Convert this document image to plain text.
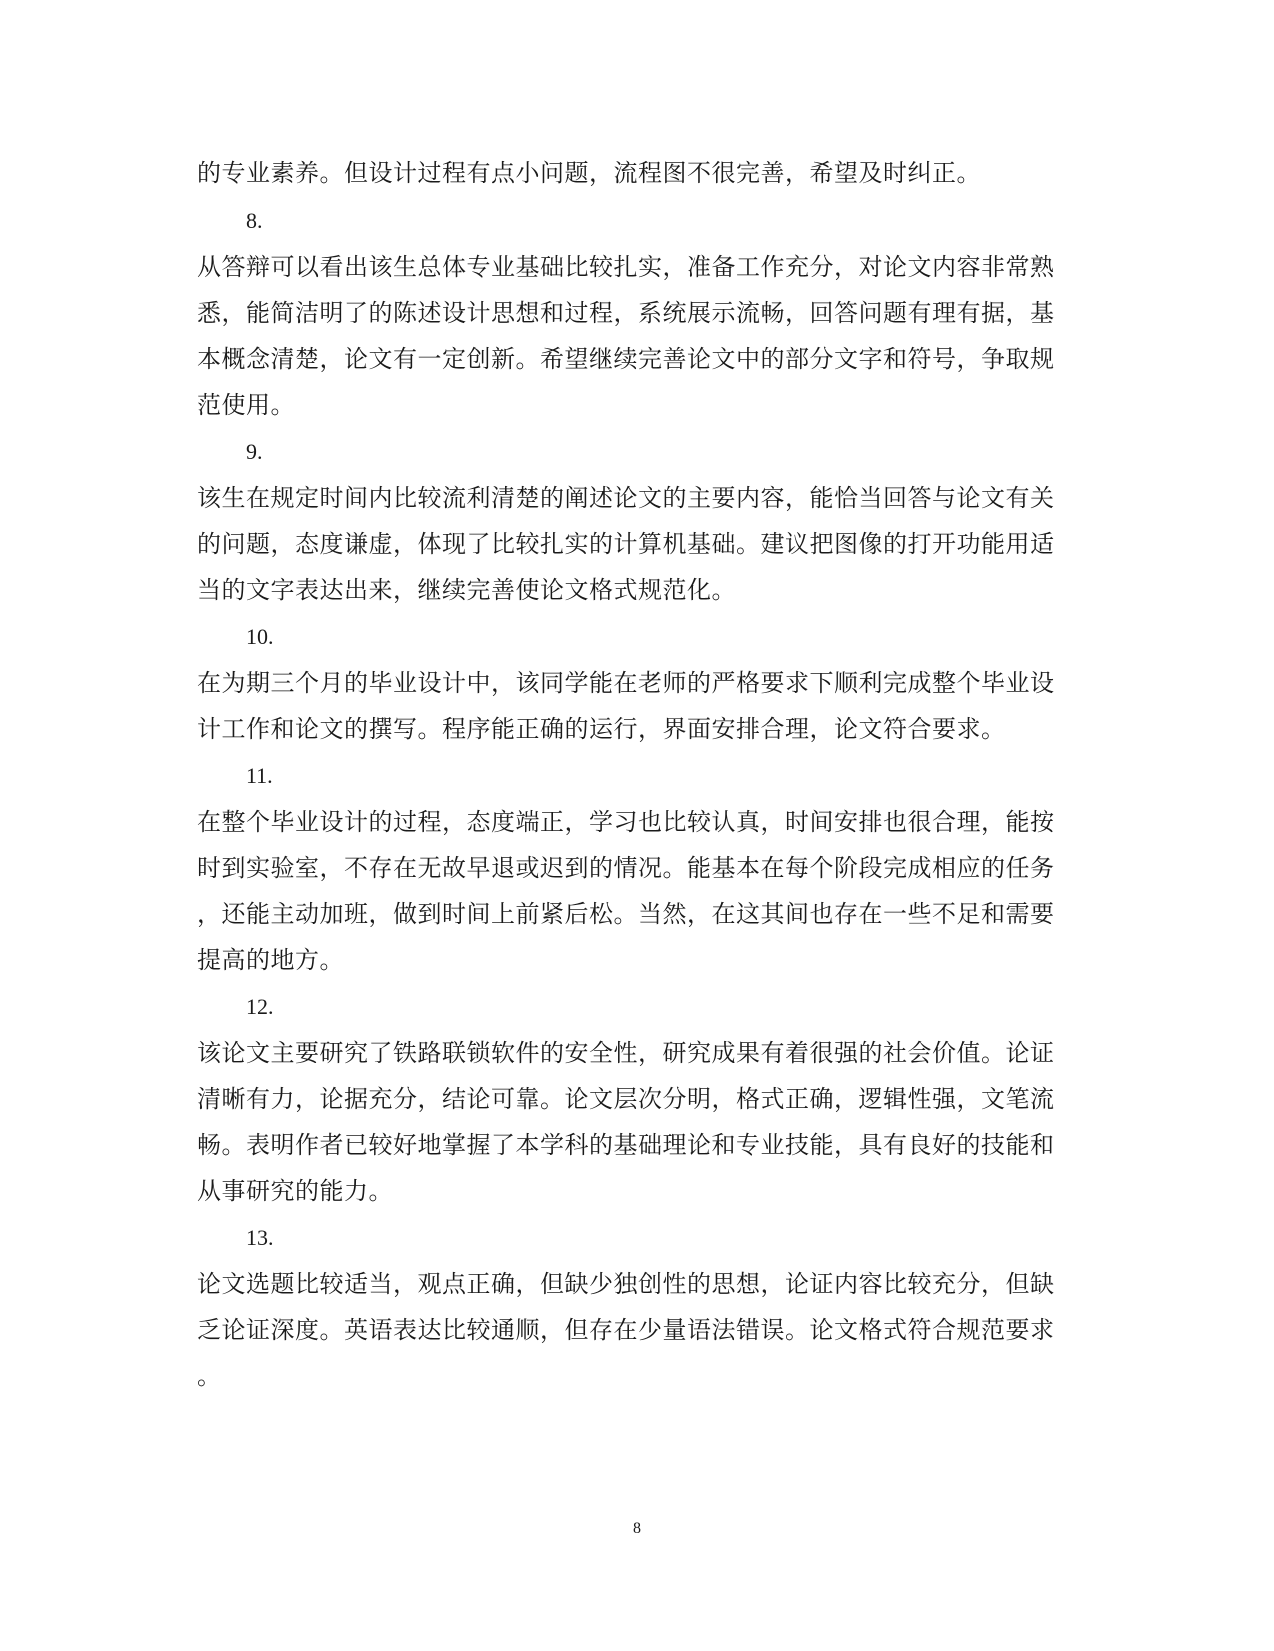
的专业素养。但设计过程有点小问题，流程图不很完善，希望及时纠正。
8.
从答辩可以看出该生总体专业基础比较扎实，准备工作充分，对论文内容非常熟
悉，能简洁明了的陈述设计思想和过程，系统展示流畅，回答问题有理有据，基
本概念清楚，论文有一定创新。希望继续完善论文中的部分文字和符号，争取规
范使用。
9.
该生在规定时间内比较流利清楚的阐述论文的主要内容，能恰当回答与论文有关
的问题，态度谦虚，体现了比较扎实的计算机基础。建议把图像的打开功能用适
当的文字表达出来，继续完善使论文格式规范化。
10.
在为期三个月的毕业设计中，该同学能在老师的严格要求下顺利完成整个毕业设
计工作和论文的撰写。程序能正确的运行，界面安排合理，论文符合要求。
11.
在整个毕业设计的过程，态度端正，学习也比较认真，时间安排也很合理，能按
时到实验室，不存在无故早退或迟到的情况。能基本在每个阶段完成相应的任务
，还能主动加班，做到时间上前紧后松。当然，在这其间也存在一些不足和需要
提高的地方。
12.
该论文主要研究了铁路联锁软件的安全性，研究成果有着很强的社会价值。论证
清晰有力，论据充分，结论可靠。论文层次分明，格式正确，逻辑性强，文笔流
畅。表明作者已较好地掌握了本学科的基础理论和专业技能，具有良好的技能和
从事研究的能力。
13.
论文选题比较适当，观点正确，但缺少独创性的思想，论证内容比较充分，但缺
乏论证深度。英语表达比较通顺，但存在少量语法错误。论文格式符合规范要求
。
8
